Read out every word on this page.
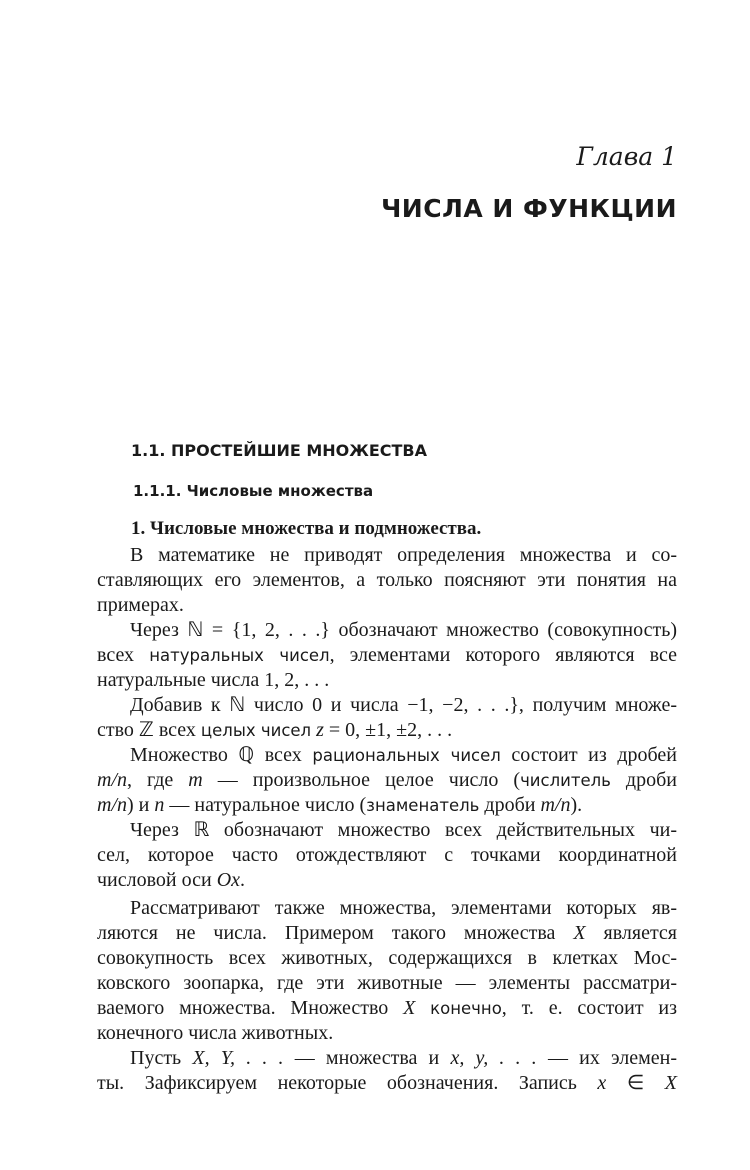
Глава 1
ЧИСЛА И ФУНКЦИИ
1.1. ПРОСТЕЙШИЕ МНОЖЕСТВА
1.1.1. Числовые множества
1. Числовые множества и подмножества.
В математике не приводят определения множества и со-
ставляющих его элементов, а только поясняют эти понятия на
примерах.
Через ℕ = {1, 2, . . .} обозначают множество (совокупность)
всех натуральных чисел, элементами которого являются все
натуральные числа 1, 2, . . .
Добавив к ℕ число 0 и числа −1, −2, . . .}, получим множе-
ство ℤ всех целых чисел z = 0, ±1, ±2, . . .
Множество ℚ всех рациональных чисел состоит из дробей
m/n, где m — произвольное целое число (числитель дроби
m/n) и n — натуральное число (знаменатель дроби m/n).
Через ℝ обозначают множество всех действительных чи-
сел, которое часто отождествляют с точками координатной
числовой оси Ox.
Рассматривают также множества, элементами которых яв-
ляются не числа. Примером такого множества X является
совокупность всех животных, содержащихся в клетках Мос-
ковского зоопарка, где эти животные — элементы рассматри-
ваемого множества. Множество X конечно, т. е. состоит из
конечного числа животных.
Пусть X, Y, . . . — множества и x, y, . . . — их элемен-
ты. Зафиксируем некоторые обозначения. Запись x ∈ X
